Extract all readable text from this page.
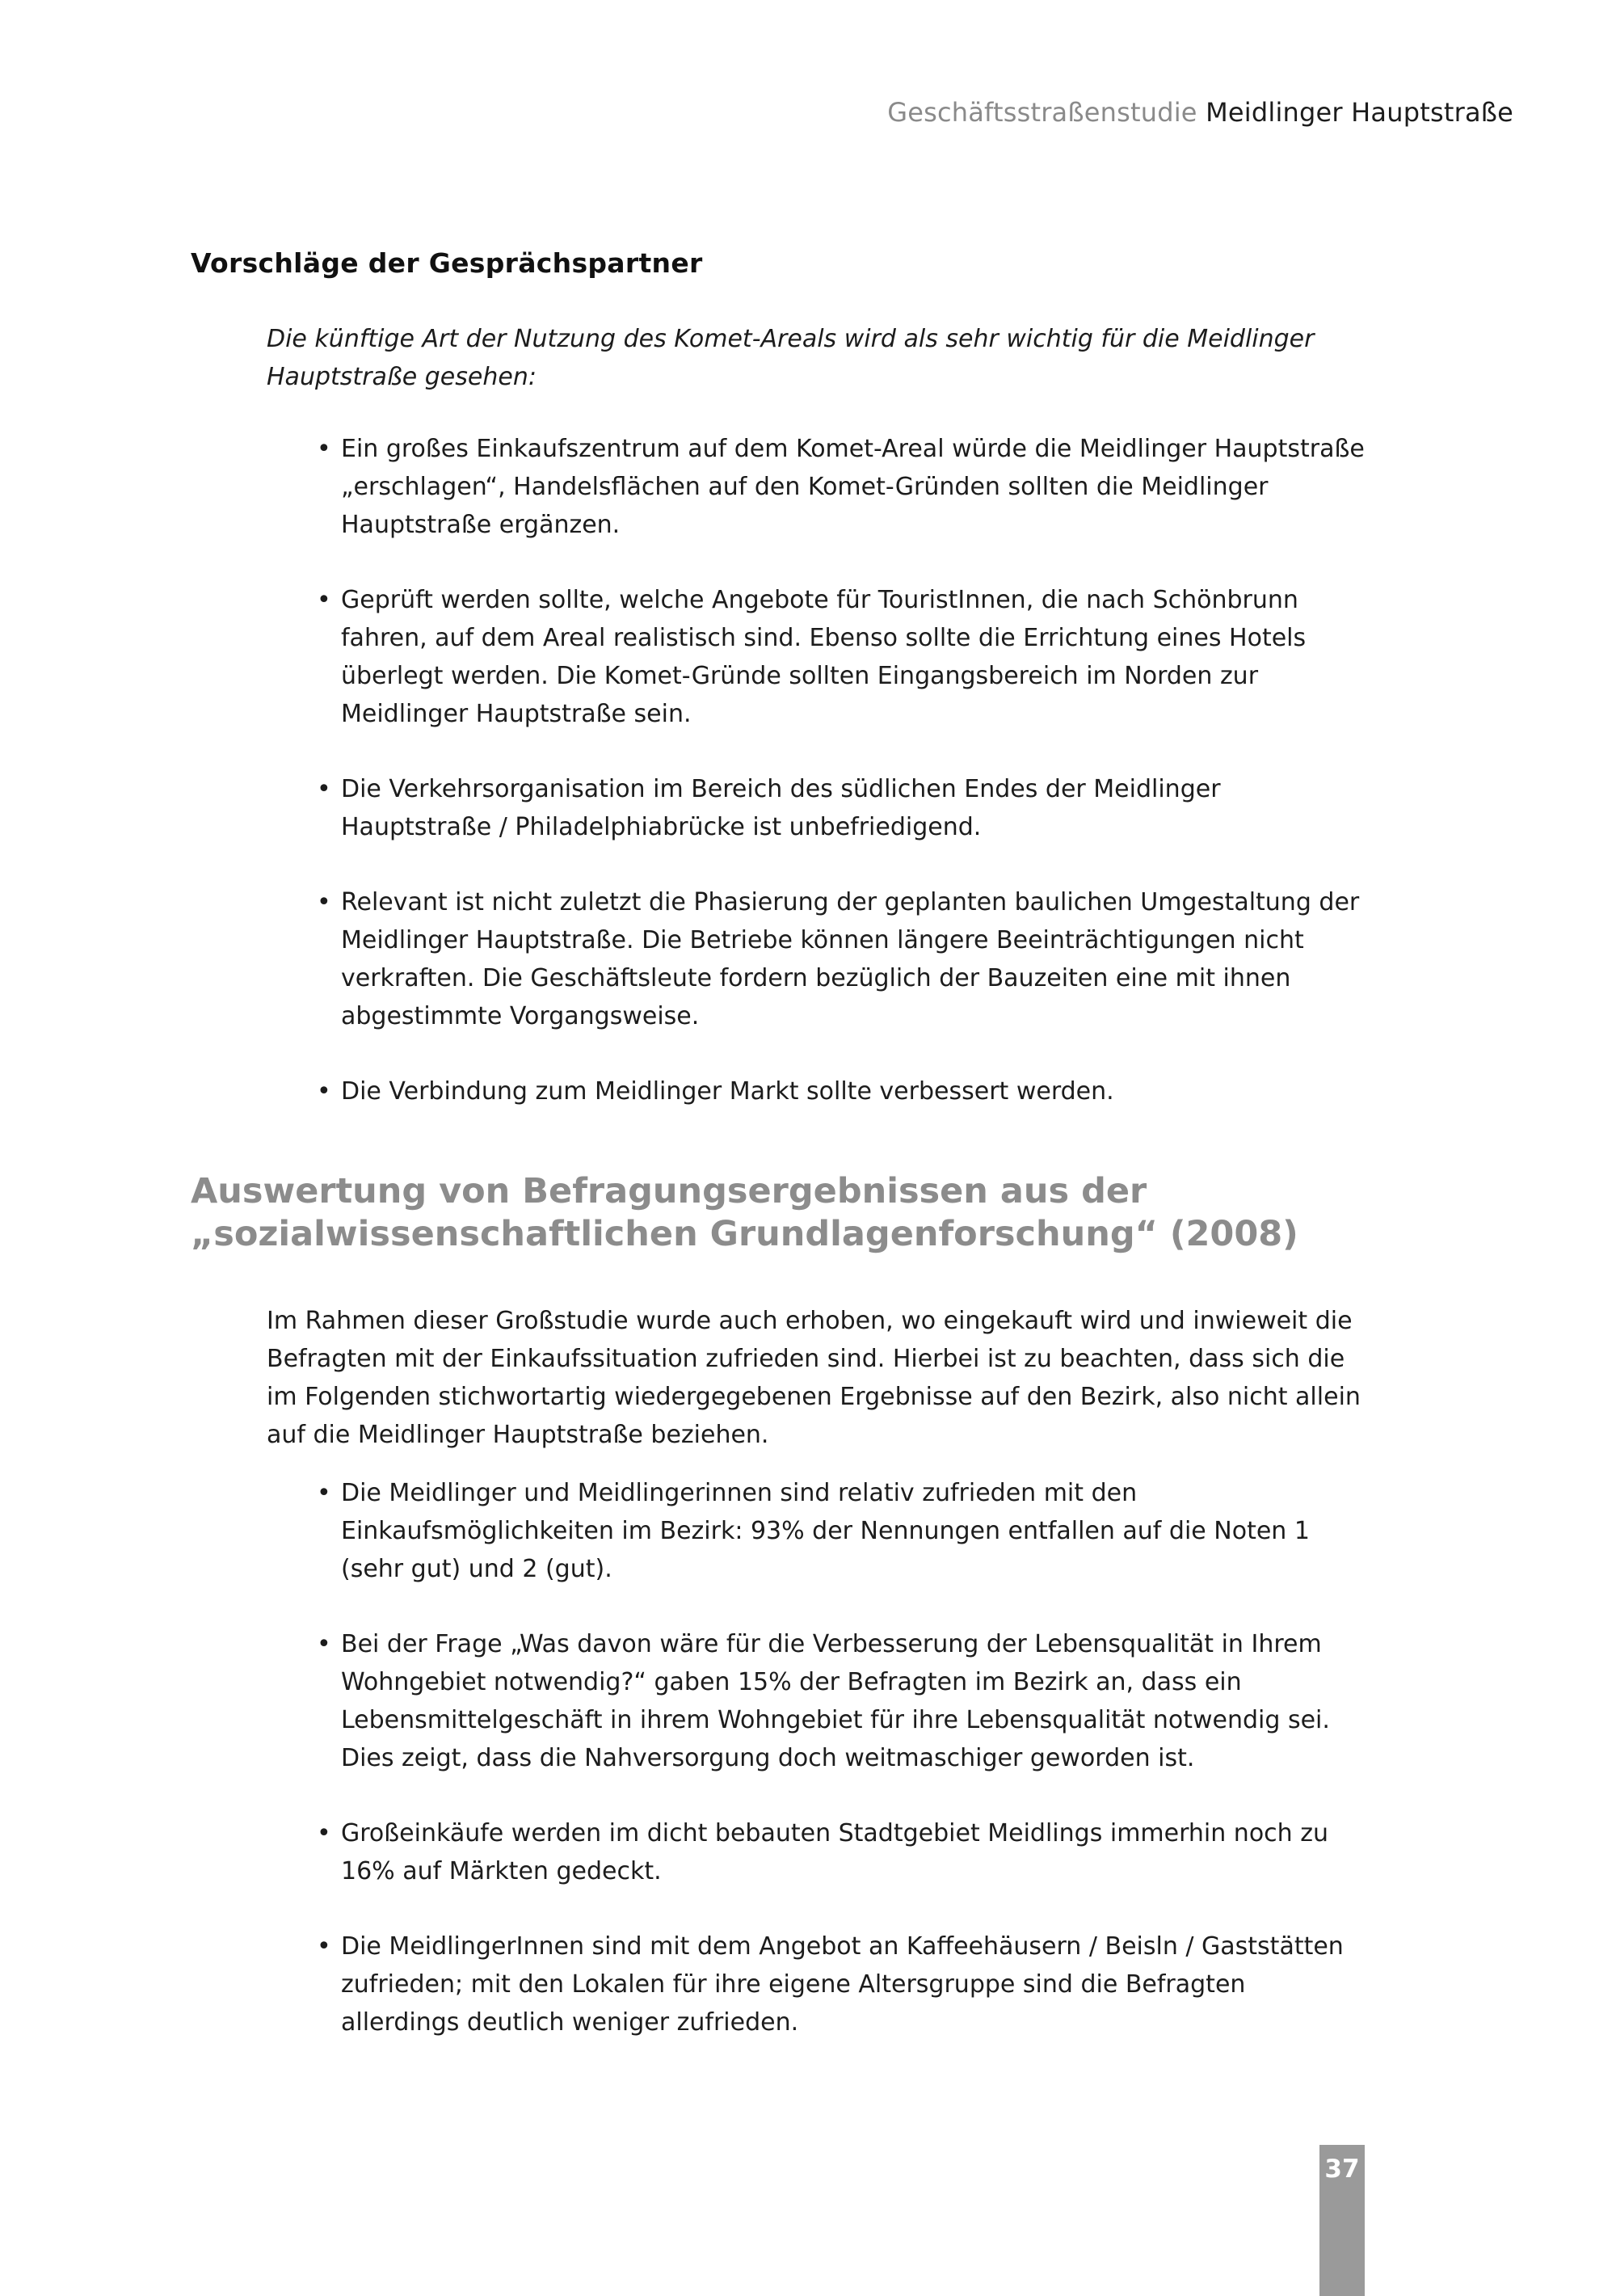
Geschäftsstraßenstudie Meidlinger Hauptstraße
Vorschläge der Gesprächspartner

Die künftige Art der Nutzung des Komet-Areals wird als sehr wichtig für die Meidlinger Hauptstraße gesehen:

• Ein großes Einkaufszentrum auf dem Komet-Areal würde die Meidlinger Hauptstraße „erschlagen“, Handelsflächen auf den Komet-Gründen sollten die Meidlinger Hauptstraße ergänzen.
• Geprüft werden sollte, welche Angebote für TouristInnen, die nach Schönbrunn fahren, auf dem Areal realistisch sind. Ebenso sollte die Errichtung eines Hotels überlegt werden. Die Komet-Gründe sollten Eingangsbereich im Norden zur Meidlinger Hauptstraße sein.
• Die Verkehrsorganisation im Bereich des südlichen Endes der Meidlinger Hauptstraße / Philadelphiabrücke ist unbefriedigend.
• Relevant ist nicht zuletzt die Phasierung der geplanten baulichen Umgestaltung der Meidlinger Hauptstraße. Die Betriebe können längere Beeinträchtigungen nicht verkraften. Die Geschäftsleute fordern bezüglich der Bauzeiten eine mit ihnen abgestimmte Vorgangsweise.
• Die Verbindung zum Meidlinger Markt sollte verbessert werden.
Auswertung von Befragungsergebnissen aus der
„sozialwissenschaftlichen Grundlagenforschung“ (2008)

Im Rahmen dieser Großstudie wurde auch erhoben, wo eingekauft wird und inwieweit die Befragten mit der Einkaufssituation zufrieden sind. Hierbei ist zu beachten, dass sich die im Folgenden stichwortartig wiedergegebenen Ergebnisse auf den Bezirk, also nicht allein auf die Meidlinger Hauptstraße beziehen.

• Die Meidlinger und Meidlingerinnen sind relativ zufrieden mit den Einkaufsmöglichkeiten im Bezirk: 93% der Nennungen entfallen auf die Noten 1 (sehr gut) und 2 (gut).
• Bei der Frage „Was davon wäre für die Verbesserung der Lebensqualität in Ihrem Wohngebiet notwendig?“ gaben 15% der Befragten im Bezirk an, dass ein Lebensmittelgeschäft in ihrem Wohngebiet für ihre Lebensqualität notwendig sei. Dies zeigt, dass die Nahversorgung doch weitmaschiger geworden ist.
• Großeinkäufe werden im dicht bebauten Stadtgebiet Meidlings immerhin noch zu 16% auf Märkten gedeckt.
• Die MeidlingerInnen sind mit dem Angebot an Kaffeehäusern / Beisln / Gaststätten zufrieden; mit den Lokalen für ihre eigene Altersgruppe sind die Befragten allerdings deutlich weniger zufrieden.
37
